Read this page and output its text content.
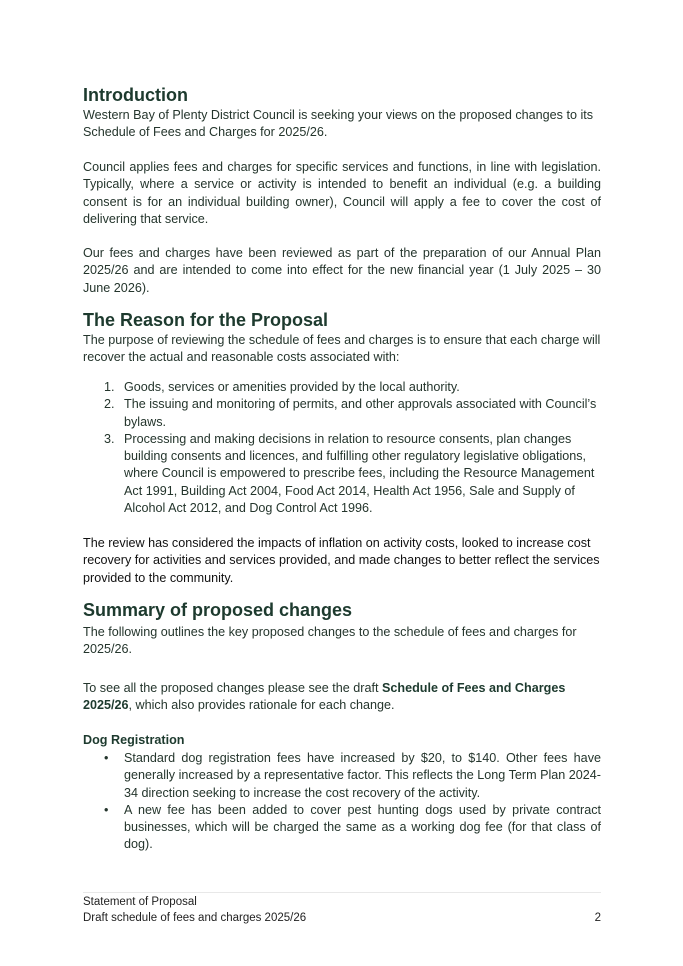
Introduction
Western Bay of Plenty District Council is seeking your views on the proposed changes to its Schedule of Fees and Charges for 2025/26.
Council applies fees and charges for specific services and functions, in line with legislation. Typically, where a service or activity is intended to benefit an individual (e.g. a building consent is for an individual building owner), Council will apply a fee to cover the cost of delivering that service.
Our fees and charges have been reviewed as part of the preparation of our Annual Plan 2025/26 and are intended to come into effect for the new financial year (1 July 2025 – 30 June 2026).
The Reason for the Proposal
The purpose of reviewing the schedule of fees and charges is to ensure that each charge will recover the actual and reasonable costs associated with:
1. Goods, services or amenities provided by the local authority.
2. The issuing and monitoring of permits, and other approvals associated with Council’s bylaws.
3. Processing and making decisions in relation to resource consents, plan changes building consents and licences, and fulfilling other regulatory legislative obligations, where Council is empowered to prescribe fees, including the Resource Management Act 1991, Building Act 2004, Food Act 2014, Health Act 1956, Sale and Supply of Alcohol Act 2012, and Dog Control Act 1996.
The review has considered the impacts of inflation on activity costs, looked to increase cost recovery for activities and services provided, and made changes to better reflect the services provided to the community.
Summary of proposed changes
The following outlines the key proposed changes to the schedule of fees and charges for 2025/26.
To see all the proposed changes please see the draft Schedule of Fees and Charges 2025/26, which also provides rationale for each change.
Dog Registration
• Standard dog registration fees have increased by $20, to $140. Other fees have generally increased by a representative factor. This reflects the Long Term Plan 2024-34 direction seeking to increase the cost recovery of the activity.
• A new fee has been added to cover pest hunting dogs used by private contract businesses, which will be charged the same as a working dog fee (for that class of dog).
Statement of Proposal
Draft schedule of fees and charges 2025/26	2
